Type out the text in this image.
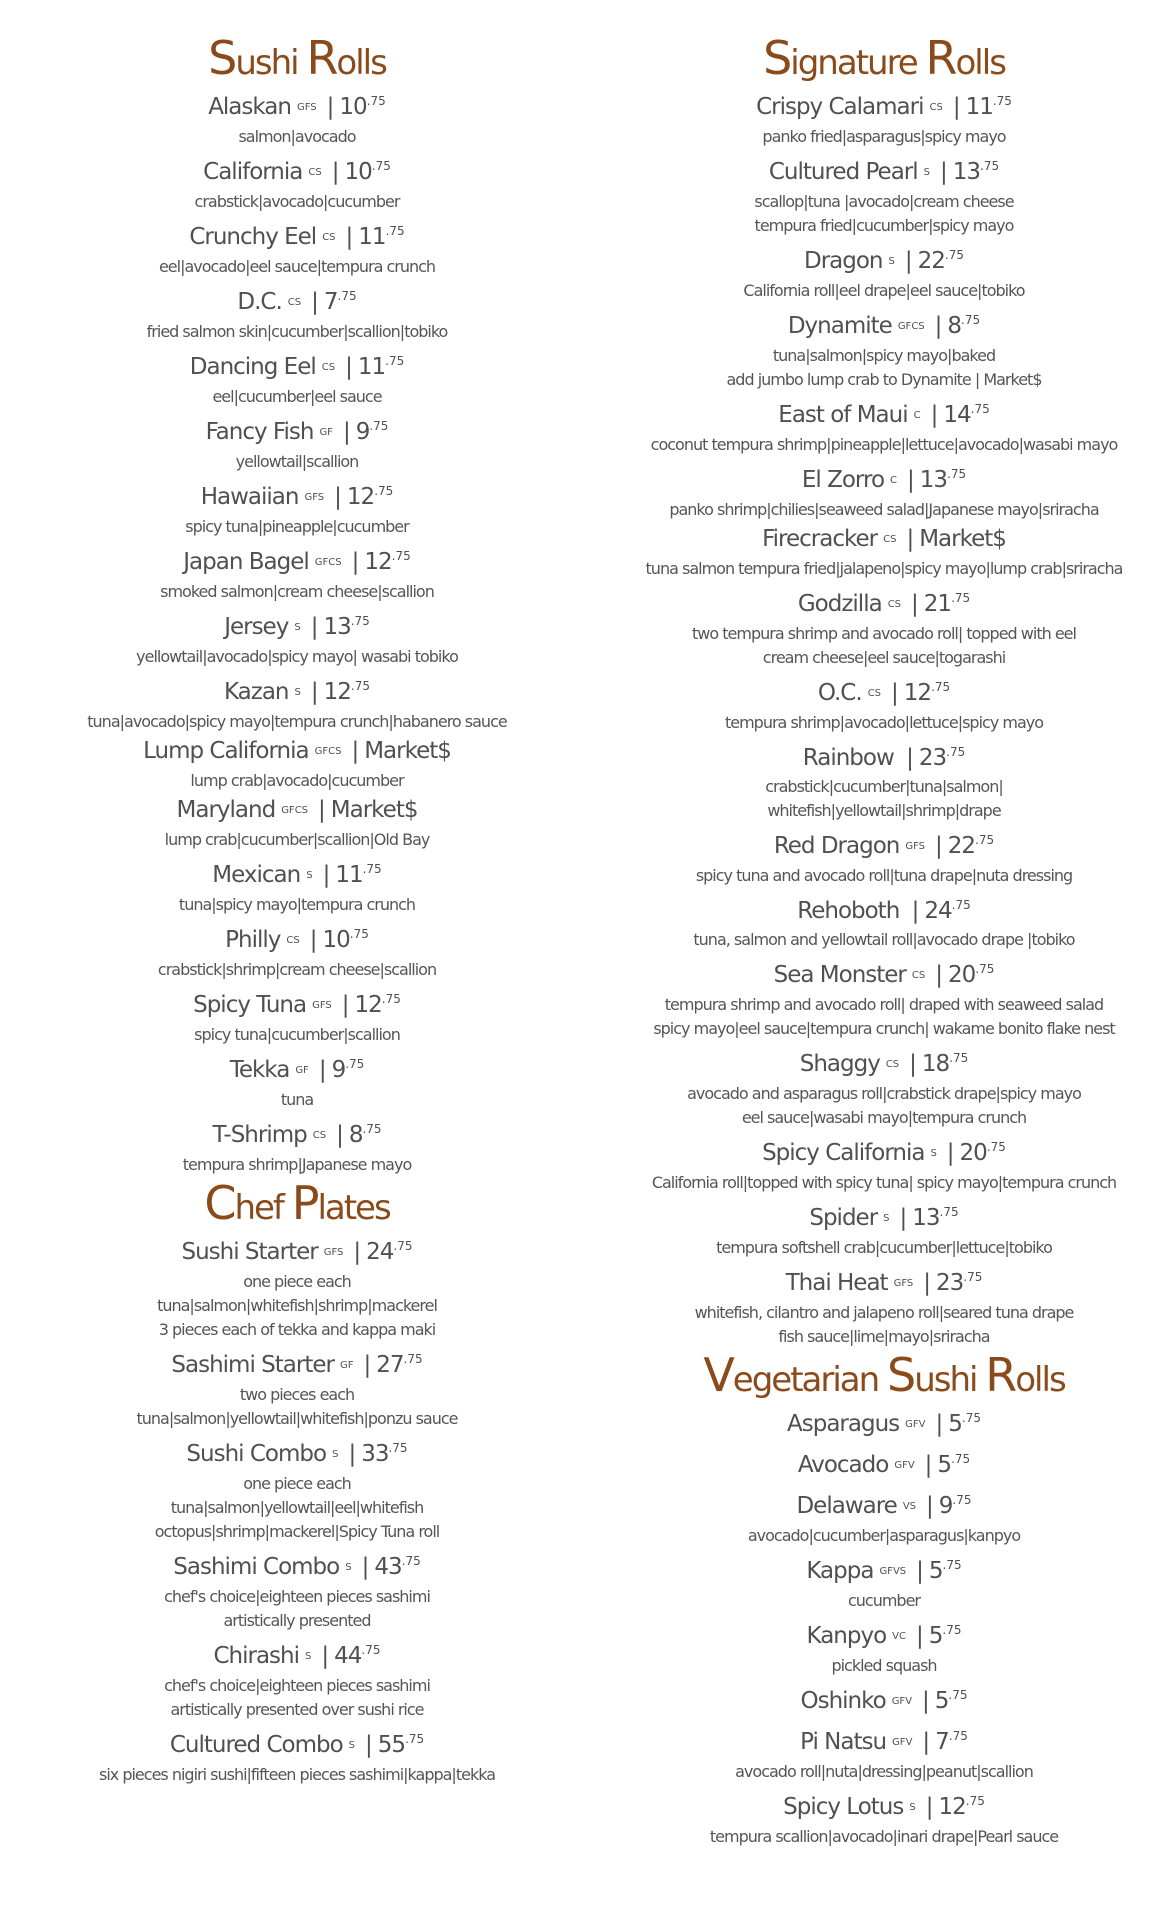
Sushi Rolls
Alaskan GFS | $10^{.75}$

salmon|avocado

California CS | $10^{.75}$

crabstick|avocado|cucumber

Crunchy Eel CS | $11^{.75}$

eel|avocado|eel sauce|tempura crunch

D.C. CS | $7^{.75}$

fried salmon skin|cucumber|scallion|tobiko

Dancing Eel CS | $11^{.75}$

eel|cucumber|eel sauce

Fancy Fish GF | $9^{.75}$

yellowtail|scallion

Hawaiian GFS | $12^{.75}$

spicy tuna|pineapple|cucumber

Japan Bagel GFCS | $12^{.75}$

smoked salmon|cream cheese|scallion

Jersey S | $13^{.75}$

yellowtail|avocado|spicy mayo| wasabi tobiko

Kazan S | $12^{.75}$

tuna|avocado|spicy mayo|tempura crunch|habanero sauce

Lump California GFCS | Market$

lump crab|avocado|cucumber

Maryland GFCS | Market$

lump crab|cucumber|scallion|Old Bay

Mexican S | $11^{.75}$

tuna|spicy mayo|tempura crunch

Philly CS | $10^{.75}$

crabstick|shrimp|cream cheese|scallion

Spicy Tuna GFS | $12^{.75}$

spicy tuna|cucumber|scallion

Tekka GF | $9^{.75}$

tuna

T-Shrimp CS | $8^{.75}$

tempura shrimp|Japanese mayo

Chef Plates
Sushi Starter GFS | $24^{.75}$

one piece each

tuna|salmon|whitefish|shrimp|mackerel

3 pieces each of tekka and kappa maki

Sashimi Starter GF | $27^{.75}$

two pieces each

tuna|salmon|yellowtail|whitefish|ponzu sauce

Sushi Combo S | $33^{.75}$

one piece each

tuna|salmon|yellowtail|eel|whitefish

octopus|shrimp|mackerel|Spicy Tuna roll

Sashimi Combo S | $43^{.75}$

chef's choice|eighteen pieces sashimi

artistically presented

Chirashi S | $44^{.75}$

chef's choice|eighteen pieces sashimi

artistically presented over sushi rice

Cultured Combo S | $55^{.75}$

six pieces nigiri sushi|fifteen pieces sashimi|kappa|tekka

Signature Rolls
Crispy Calamari CS | $11^{.75}$

panko fried|asparagus|spicy mayo

Cultured Pearl S | $13^{.75}$

scallop|tuna |avocado|cream cheese

tempura fried|cucumber|spicy mayo

Dragon S | $22^{.75}$

California roll|eel drape|eel sauce|tobiko

Dynamite GFCS | $8^{.75}$

tuna|salmon|spicy mayo|baked

add jumbo lump crab to Dynamite | Market$

East of Maui C | $14^{.75}$

coconut tempura shrimp|pineapple|lettuce|avocado|wasabi mayo

El Zorro C | $13^{.75}$

panko shrimp|chilies|seaweed salad|Japanese mayo|sriracha

Firecracker CS | Market$

tuna salmon tempura fried|jalapeno|spicy mayo|lump crab|sriracha

Godzilla CS | $21^{.75}$

two tempura shrimp and avocado roll| topped with eel

cream cheese|eel sauce|togarashi

O.C. CS | $12^{.75}$

tempura shrimp|avocado|lettuce|spicy mayo

Rainbow | $23^{.75}$

crabstick|cucumber|tuna|salmon|

whitefish|yellowtail|shrimp|drape

Red Dragon GFS | $22^{.75}$

spicy tuna and avocado roll|tuna drape|nuta dressing

Rehoboth | $24^{.75}$

tuna, salmon and yellowtail roll|avocado drape |tobiko

Sea Monster CS | $20^{.75}$

tempura shrimp and avocado roll| draped with seaweed salad

spicy mayo|eel sauce|tempura crunch| wakame bonito flake nest

Shaggy CS | $18^{.75}$

avocado and asparagus roll|crabstick drape|spicy mayo

eel sauce|wasabi mayo|tempura crunch

Spicy California S | $20^{.75}$

California roll|topped with spicy tuna| spicy mayo|tempura crunch

Spider S | $13^{.75}$

tempura softshell crab|cucumber|lettuce|tobiko

Thai Heat GFS | $23^{.75}$

whitefish, cilantro and jalapeno roll|seared tuna drape

fish sauce|lime|mayo|sriracha

Vegetarian Sushi Rolls
Asparagus GFV | $5^{.75}$
Avocado GFV | $5^{.75}$
Delaware VS | $9^{.75}$

avocado|cucumber|asparagus|kanpyo

Kappa GFVS | $5^{.75}$

cucumber

Kanpyo VC | $5^{.75}$

pickled squash

Oshinko GFV | $5^{.75}$
Pi Natsu GFV | $7^{.75}$

avocado roll|nuta|dressing|peanut|scallion

Spicy Lotus S | $12^{.75}$

tempura scallion|avocado|inari drape|Pearl sauce
